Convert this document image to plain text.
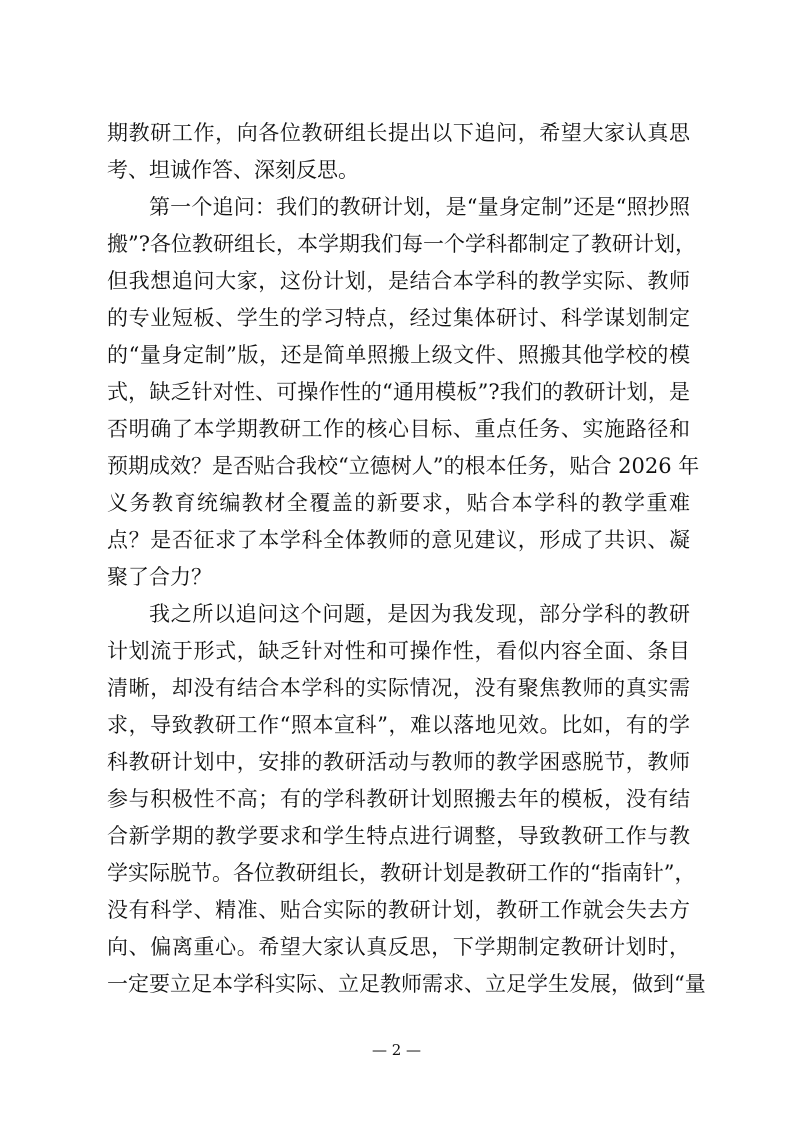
期教研工作，向各位教研组长提出以下追问，希望大家认真思
考、坦诚作答、深刻反思。
第一个追问：我们的教研计划，是“量身定制”还是“照抄照
搬”?各位教研组长，本学期我们每一个学科都制定了教研计划，
但我想追问大家，这份计划，是结合本学科的教学实际、教师
的专业短板、学生的学习特点，经过集体研讨、科学谋划制定
的“量身定制”版，还是简单照搬上级文件、照搬其他学校的模
式，缺乏针对性、可操作性的“通用模板”?我们的教研计划，是
否明确了本学期教研工作的核心目标、重点任务、实施路径和
预期成效？是否贴合我校“立德树人”的根本任务，贴合 2026 年
义务教育统编教材全覆盖的新要求，贴合本学科的教学重难
点？是否征求了本学科全体教师的意见建议，形成了共识、凝
聚了合力？
我之所以追问这个问题，是因为我发现，部分学科的教研
计划流于形式，缺乏针对性和可操作性，看似内容全面、条目
清晰，却没有结合本学科的实际情况，没有聚焦教师的真实需
求，导致教研工作“照本宣科”，难以落地见效。比如，有的学
科教研计划中，安排的教研活动与教师的教学困惑脱节，教师
参与积极性不高；有的学科教研计划照搬去年的模板，没有结
合新学期的教学要求和学生特点进行调整，导致教研工作与教
学实际脱节。各位教研组长，教研计划是教研工作的“指南针”，
没有科学、精准、贴合实际的教研计划，教研工作就会失去方
向、偏离重心。希望大家认真反思，下学期制定教研计划时，
一定要立足本学科实际、立足教师需求、立足学生发展，做到“量
— 2 —
